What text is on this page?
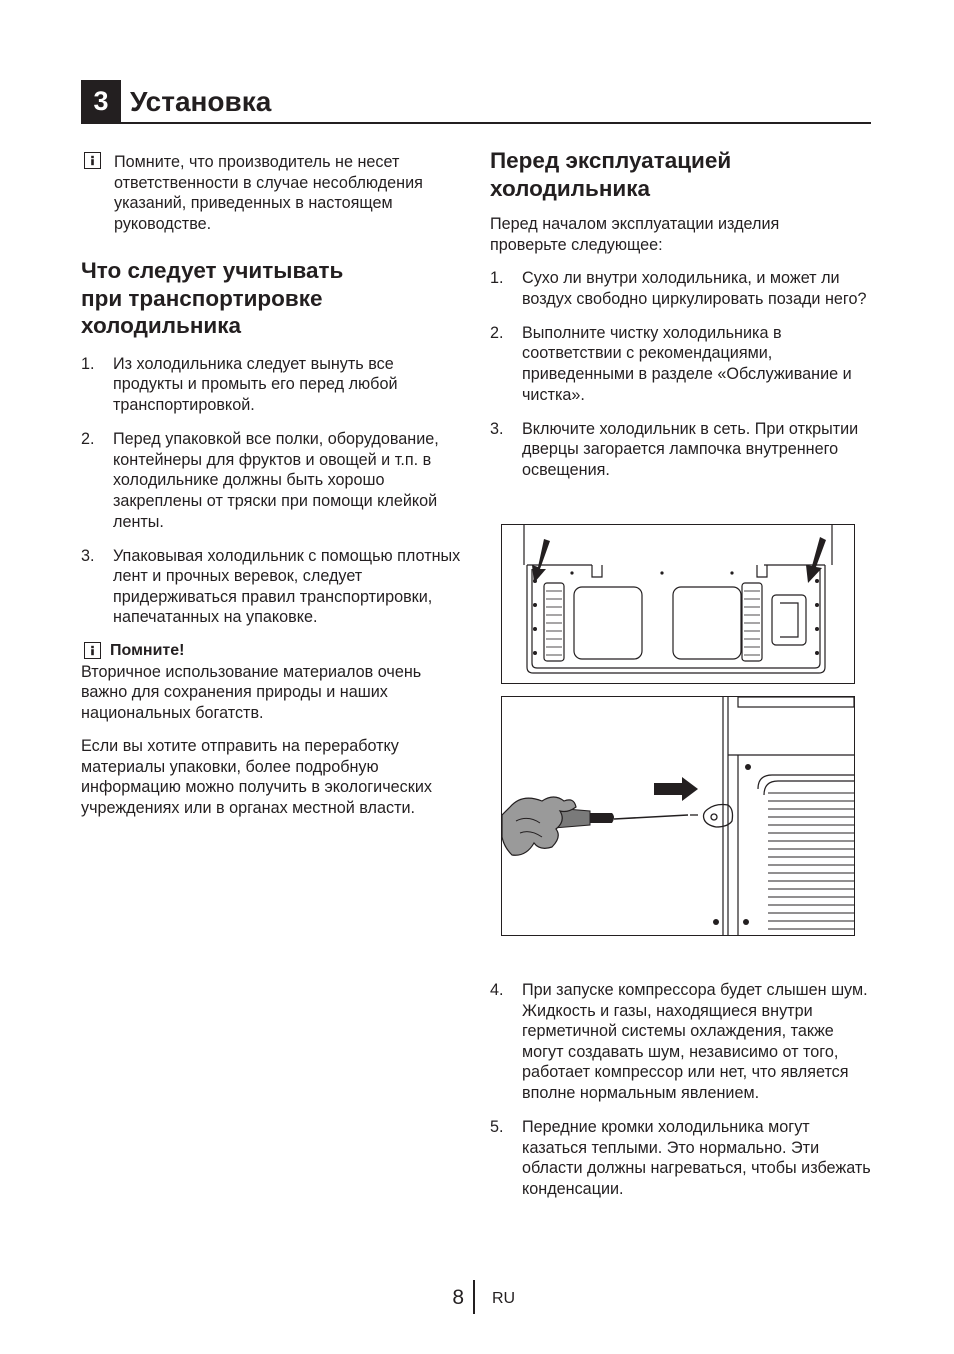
3 Установка
Помните, что производитель не несет ответственности в случае несоблюдения указаний, приведенных в настоящем руководстве.
Что следует учитывать
при транспортировке
холодильника
1. Из холодильника следует вынуть все продукты и промыть его перед любой транспортировкой.
2. Перед упаковкой все полки, оборудование, контейнеры для фруктов и овощей и т.п. в холодильнике должны быть хорошо закреплены от тряски при помощи клейкой ленты.
3. Упаковывая холодильник с помощью плотных лент и прочных веревок, следует придерживаться правил транспортировки, напечатанных на упаковке.
Помните!
Вторичное использование материалов очень важно для сохранения природы и наших национальных богатств.
Если вы хотите отправить на переработку материалы упаковки, более подробную информацию можно получить в экологических учреждениях или в органах местной власти.
Перед эксплуатацией
холодильника
Перед началом эксплуатации изделия проверьте следующее:
1. Сухо ли внутри холодильника, и может ли воздух свободно циркулировать позади него?
2. Выполните чистку холодильника в соответствии с рекомендациями, приведенными в разделе «Обслуживание и чистка».
3. Включите холодильник в сеть. При открытии дверцы загорается лампочка внутреннего освещения.
4. При запуске компрессора будет слышен шум. Жидкость и газы, находящиеся внутри герметичной системы охлаждения, также могут создавать шум, независимо от того, работает компрессор или нет, что является вполне нормальным явлением.
5. Передние кромки холодильника могут казаться теплыми. Это нормально. Эти области должны нагреваться, чтобы избежать конденсации.
8 RU
